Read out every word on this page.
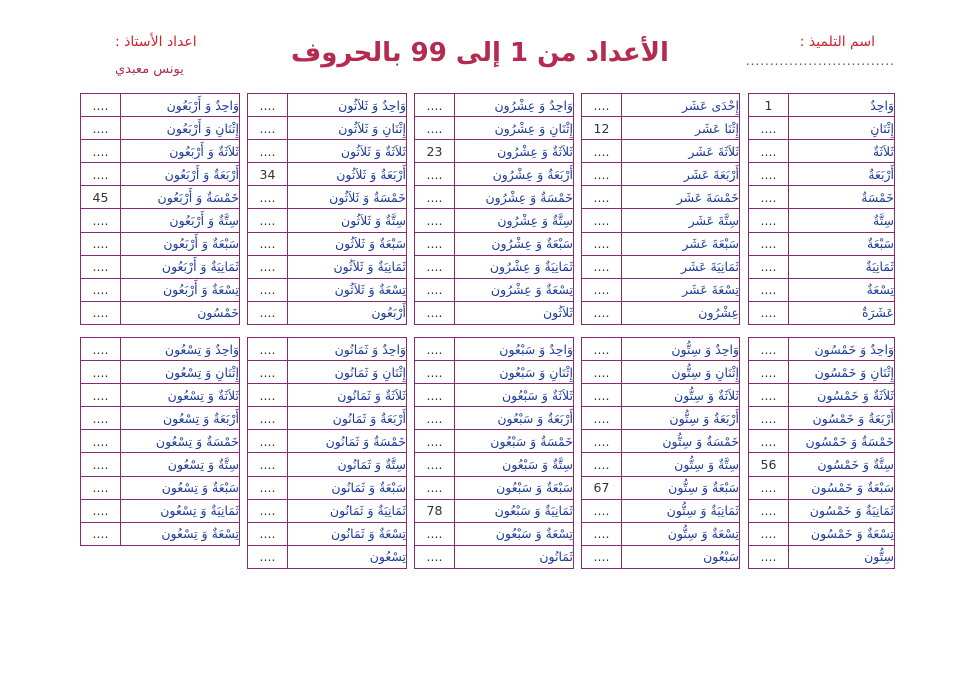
اسم التلميذ :
...............................
الأعداد من 1 إلى 99 بالحروف
اعداد الأستاذ :
يونس معبدي
1	وَاحِدٌ
....	إِثْنَانِ
....	ثَلاَثَةٌ
....	أَرْبَعَةٌ
....	خَمْسَةٌ
....	سِتَّةٌ
....	سَبْعَةٌ
....	ثَمَانِيَةٌ
....	تِسْعَةٌ
....	عَشَرَةٌ
....	إِحْدَى عَشَر
12	إِثْنَا عَشَر
....	ثَلاَثَةَ عَشَر
....	أَرْبَعَةَ عَشَر
....	خَمْسَةَ عَشَر
....	سِتَّةَ عَشَر
....	سَبْعَةَ عَشَر
....	ثَمَانِيَةَ عَشَر
....	تِسْعَةَ عَشَر
....	عِشْرُون
....	وَاحِدٌ وَ عِشْرُون
....	إِثْنَانِ وَ عِشْرُون
23	ثَلاَثَةٌ وَ عِشْرُون
....	أَرْبَعَةٌ وَ عِشْرُون
....	خَمْسَةٌ وَ عِشْرُون
....	سِتَّةٌ وَ عِشْرُون
....	سَبْعَةٌ وَ عِشْرُون
....	ثَمَانِيَةٌ وَ عِشْرُون
....	تِسْعَةٌ وَ عِشْرُون
....	ثَلاَثُون
....	وَاحِدٌ وَ ثَلاَثُون
....	إِثْنَانِ وَ ثَلاَثُون
....	ثَلاَثَةٌ وَ ثَلاَثُون
34	أَرْبَعَةٌ وَ ثَلاَثُون
....	خَمْسَةٌ وَ ثَلاَثُون
....	سِتَّةٌ وَ ثَلاَثُون
....	سَبْعَةٌ وَ ثَلاَثُون
....	ثَمَانِيَةٌ وَ ثَلاَثُون
....	تِسْعَةٌ وَ ثَلاَثُون
....	أَرْبَعُون
....	وَاحِدٌ وَ أَرْبَعُون
....	إِثْنَانِ وَ أَرْبَعُون
....	ثَلاَثَةٌ وَ أَرْبَعُون
....	أَرْبَعَةٌ وَ أَرْبَعُون
45	خَمْسَةٌ وَ أَرْبَعُون
....	سِتَّةٌ وَ أَرْبَعُون
....	سَبْعَةٌ وَ أَرْبَعُون
....	ثَمَانِيَةٌ وَ أَرْبَعُون
....	تِسْعَةٌ وَ أَرْبَعُون
....	خَمْسُون
....	وَاحِدٌ وَ خَمْسُون
....	إِثْنَانِ وَ خَمْسُون
....	ثَلاَثَةٌ وَ خَمْسُون
....	أَرْبَعَةٌ وَ خَمْسُون
....	خَمْسَةٌ وَ خَمْسُون
56	سِتَّةٌ وَ خَمْسُون
....	سَبْعَةٌ وَ خَمْسُون
....	ثَمَانِيَةٌ وَ خَمْسُون
....	تِسْعَةٌ وَ خَمْسُون
....	سِتُّون
....	وَاحِدٌ وَ سِتُّون
....	إِثْنَانِ وَ سِتُّون
....	ثَلاَثَةٌ وَ سِتُّون
....	أَرْبَعَةٌ وَ سِتُّون
....	خَمْسَةٌ وَ سِتُّون
....	سِتَّةٌ وَ سِتُّون
67	سَبْعَةٌ وَ سِتُّون
....	ثَمَانِيَةٌ وَ سِتُّون
....	تِسْعَةٌ وَ سِتُّون
....	سَبْعُون
....	وَاحِدٌ وَ سَبْعُون
....	إِثْنَانِ وَ سَبْعُون
....	ثَلاَثَةٌ وَ سَبْعُون
....	أَرْبَعَةٌ وَ سَبْعُون
....	خَمْسَةٌ وَ سَبْعُون
....	سِتَّةٌ وَ سَبْعُون
....	سَبْعَةٌ وَ سَبْعُون
78	ثَمَانِيَةٌ وَ سَبْعُون
....	تِسْعَةٌ وَ سَبْعُون
....	ثَمَانُون
....	وَاحِدٌ وَ ثَمَانُون
....	إِثْنَانِ وَ ثَمَانُون
....	ثَلاَثَةٌ وَ ثَمَانُون
....	أَرْبَعَةٌ وَ ثَمَانُون
....	خَمْسَةٌ وَ ثَمَانُون
....	سِتَّةٌ وَ ثَمَانُون
....	سَبْعَةٌ وَ ثَمَانُون
....	ثَمَانِيَةٌ وَ ثَمَانُون
....	تِسْعَةٌ وَ ثَمَانُون
....	تِسْعُون
....	وَاحِدٌ وَ تِسْعُون
....	إِثْنَانِ وَ تِسْعُون
....	ثَلاَثَةٌ وَ تِسْعُون
....	أَرْبَعَةٌ وَ تِسْعُون
....	خَمْسَةٌ وَ تِسْعُون
....	سِتَّةٌ وَ تِسْعُون
....	سَبْعَةٌ وَ تِسْعُون
....	ثَمَانِيَةٌ وَ تِسْعُون
....	تِسْعَةٌ وَ تِسْعُون
